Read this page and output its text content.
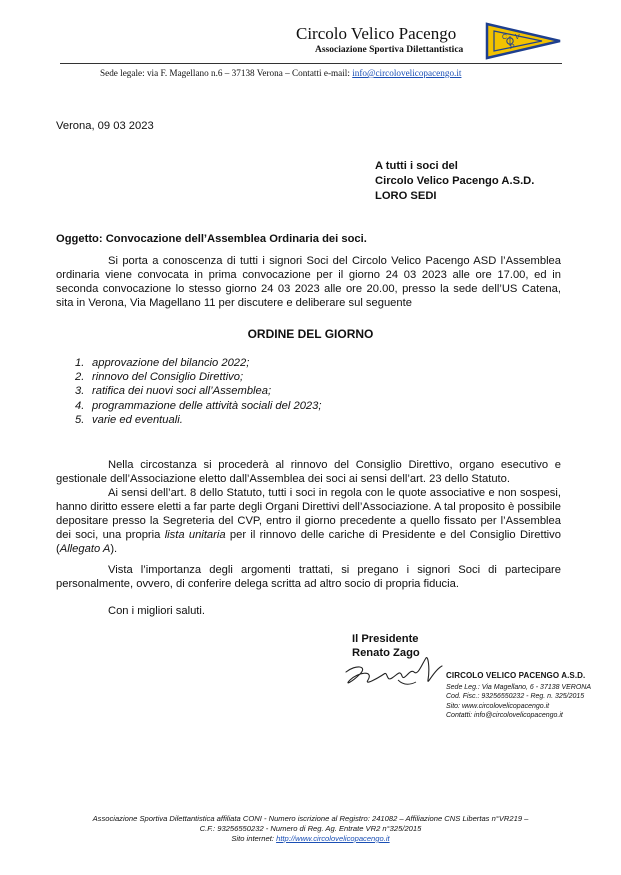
Circolo Velico Pacengo
Associazione Sportiva Dilettantistica
C V
P
Sede legale: via F. Magellano n.6 – 37138 Verona – Contatti e-mail: info@circolovelicopacengo.it
Verona, 09 03 2023
A tutti i soci del
Circolo Velico Pacengo A.S.D.
LORO SEDI
Oggetto: Convocazione dell’Assemblea Ordinaria dei soci.
Si porta a conoscenza di tutti i signori Soci del Circolo Velico Pacengo ASD l’Assemblea ordinaria viene convocata in prima convocazione per il giorno 24 03 2023 alle ore 17.00, ed in seconda convocazione lo stesso giorno 24 03 2023 alle ore 20.00, presso la sede dell’US Catena, sita in Verona, Via Magellano 11 per discutere e deliberare sul seguente
ORDINE DEL GIORNO
1. approvazione del bilancio 2022;
2. rinnovo del Consiglio Direttivo;
3. ratifica dei nuovi soci all’Assemblea;
4. programmazione delle attività sociali del 2023;
5. varie ed eventuali.
Nella circostanza si procederà al rinnovo del Consiglio Direttivo, organo esecutivo e gestionale dell’Associazione eletto dall’Assemblea dei soci ai sensi dell’art. 23 dello Statuto.
Ai sensi dell’art. 8 dello Statuto, tutti i soci in regola con le quote associative e non sospesi, hanno diritto essere eletti a far parte degli Organi Direttivi dell’Associazione. A tal proposito è possibile depositare presso la Segreteria del CVP, entro il giorno precedente a quello fissato per l’Assemblea dei soci, una propria lista unitaria per il rinnovo delle cariche di Presidente e del Consiglio Direttivo (Allegato A).
Vista l’importanza degli argomenti trattati, si pregano i signori Soci di partecipare personalmente, ovvero, di conferire delega scritta ad altro socio di propria fiducia.
Con i migliori saluti.
Il Presidente
Renato Zago
CIRCOLO VELICO PACENGO A.S.D.
Sede Leg.: Via Magellano, 6 - 37138 VERONA
Cod. Fisc.: 93256550232 - Reg. n. 325/2015
Sito: www.circolovelicopacengo.it
Contatti: info@circolovelicopacengo.it
Associazione Sportiva Dilettantistica affiliata CONI - Numero iscrizione al Registro: 241082 – Affiliazione CNS Libertas n°VR219 –
C.F.: 93256550232 - Numero di Reg. Ag. Entrate VR2 n°325/2015
Sito internet: http://www.circolovelicopacengo.it
